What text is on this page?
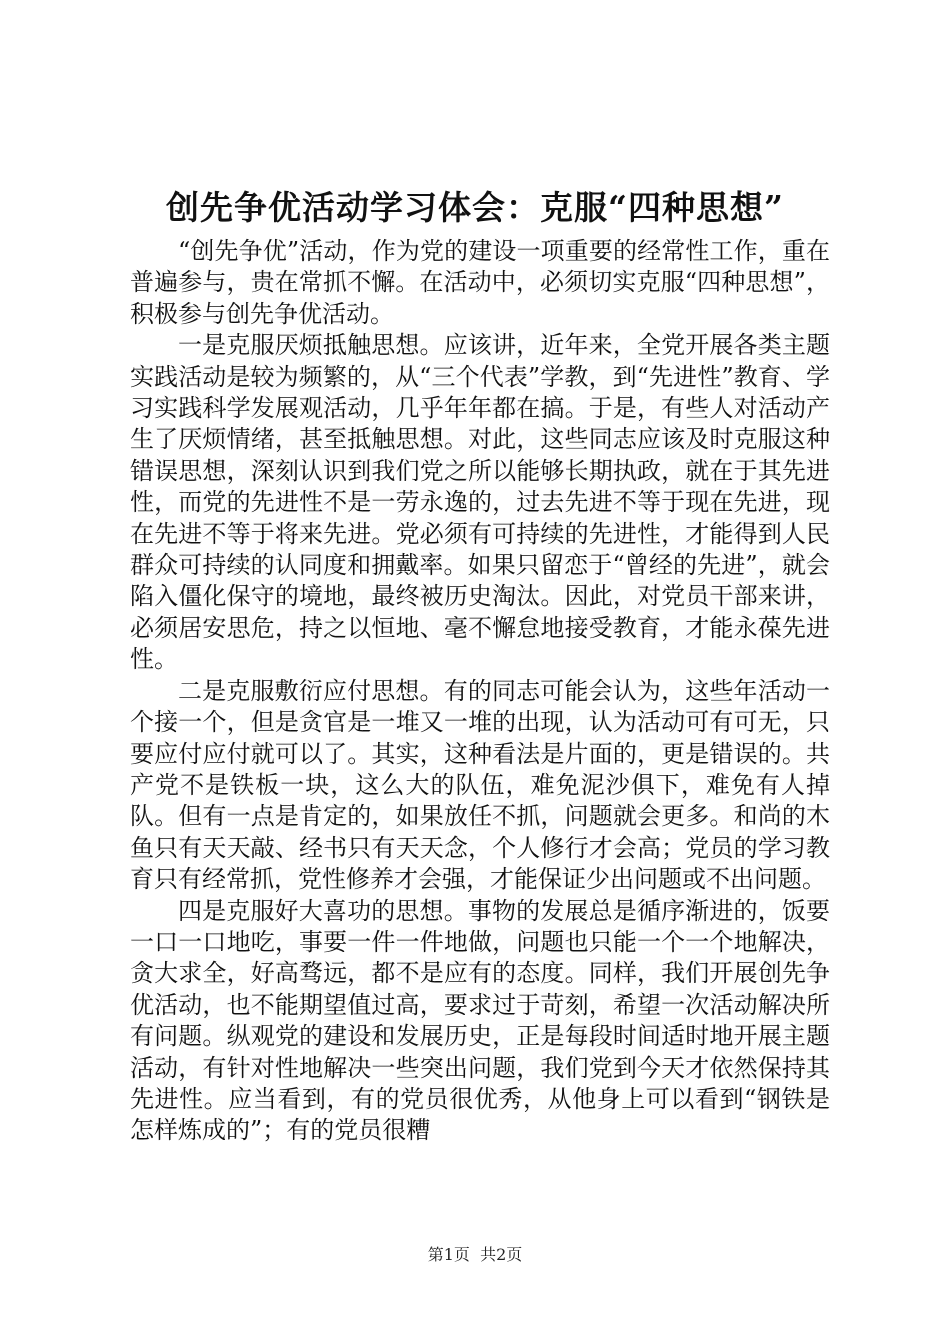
创先争优活动学习体会：克服“四种思想”

“创先争优”活动，作为党的建设一项重要的经常性工作，重在普遍参与，贵在常抓不懈。在活动中，必须切实克服“四种思想”，积极参与创先争优活动。

一是克服厌烦抵触思想。应该讲，近年来，全党开展各类主题实践活动是较为频繁的，从“三个代表”学教，到“先进性”教育、学习实践科学发展观活动，几乎年年都在搞。于是，有些人对活动产生了厌烦情绪，甚至抵触思想。对此，这些同志应该及时克服这种错误思想，深刻认识到我们党之所以能够长期执政，就在于其先进性，而党的先进性不是一劳永逸的，过去先进不等于现在先进，现在先进不等于将来先进。党必须有可持续的先进性，才能得到人民群众可持续的认同度和拥戴率。如果只留恋于“曾经的先进”，就会陷入僵化保守的境地，最终被历史淘汰。因此，对党员干部来讲，必须居安思危，持之以恒地、毫不懈怠地接受教育，才能永葆先进性。

二是克服敷衍应付思想。有的同志可能会认为，这些年活动一个接一个，但是贪官是一堆又一堆的出现，认为活动可有可无，只要应付应付就可以了。其实，这种看法是片面的，更是错误的。共产党不是铁板一块，这么大的队伍，难免泥沙俱下，难免有人掉队。但有一点是肯定的，如果放任不抓，问题就会更多。和尚的木鱼只有天天敲、经书只有天天念，个人修行才会高；党员的学习教育只有经常抓，党性修养才会强，才能保证少出问题或不出问题。

四是克服好大喜功的思想。事物的发展总是循序渐进的，饭要一口一口地吃，事要一件一件地做，问题也只能一个一个地解决，贪大求全，好高骛远，都不是应有的态度。同样，我们开展创先争优活动，也不能期望值过高，要求过于苛刻，希望一次活动解决所有问题。纵观党的建设和发展历史，正是每段时间适时地开展主题活动，有针对性地解决一些突出问题，我们党到今天才依然保持其先进性。应当看到，有的党员很优秀，从他身上可以看到“钢铁是怎样炼成的”；有的党员很糟

第1页 共2页
